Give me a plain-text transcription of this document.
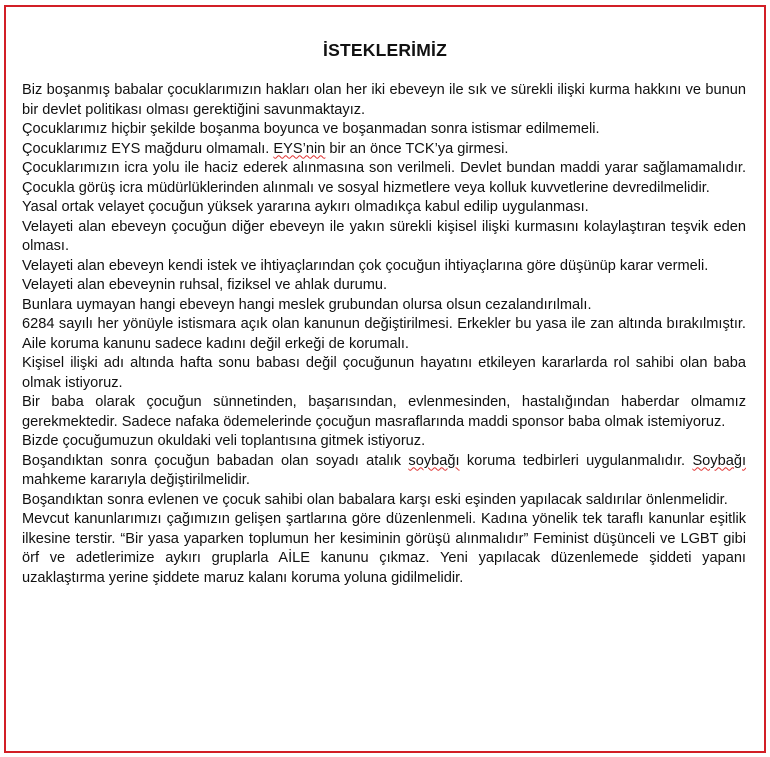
İSTEKLERİMİZ

Biz boşanmış babalar çocuklarımızın hakları olan her iki ebeveyn ile sık ve sürekli ilişki kurma hakkını ve bunun bir devlet politikası olması gerektiğini savunmaktayız.

Çocuklarımız hiçbir şekilde boşanma boyunca ve boşanmadan sonra istismar edilmemeli.

Çocuklarımız EYS mağduru olmamalı. EYS’nin bir an önce TCK’ya girmesi.

Çocuklarımızın icra yolu ile haciz ederek alınmasına son verilmeli. Devlet bundan maddi yarar sağlamamalıdır. Çocukla görüş icra müdürlüklerinden alınmalı ve sosyal hizmetlere veya kolluk kuvvetlerine devredilmelidir.

Yasal ortak velayet çocuğun yüksek yararına aykırı olmadıkça kabul edilip uygulanması.

Velayeti alan ebeveyn çocuğun diğer ebeveyn ile yakın sürekli kişisel ilişki kurmasını kolaylaştıran teşvik eden olması.

Velayeti alan ebeveyn kendi istek ve ihtiyaçlarından çok çocuğun ihtiyaçlarına göre düşünüp karar vermeli.

Velayeti alan ebeveynin ruhsal, fiziksel ve ahlak durumu.

Bunlara uymayan hangi ebeveyn hangi meslek grubundan olursa olsun cezalandırılmalı.

6284 sayılı her yönüyle istismara açık olan kanunun değiştirilmesi. Erkekler bu yasa ile zan altında bırakılmıştır. Aile koruma kanunu sadece kadını değil erkeği de korumalı.

Kişisel ilişki adı altında hafta sonu babası değil çocuğunun hayatını etkileyen kararlarda rol sahibi olan baba olmak istiyoruz.

Bir baba olarak çocuğun sünnetinden, başarısından, evlenmesinden, hastalığından haberdar olmamız gerekmektedir. Sadece nafaka ödemelerinde çocuğun masraflarında maddi sponsor baba olmak istemiyoruz.

Bizde çocuğumuzun okuldaki veli toplantısına gitmek istiyoruz.

Boşandıktan sonra çocuğun babadan olan soyadı atalık soybağı koruma tedbirleri uygulanmalıdır. Soybağı mahkeme kararıyla değiştirilmelidir.

Boşandıktan sonra evlenen ve çocuk sahibi olan babalara karşı eski eşinden yapılacak saldırılar önlenmelidir.

Mevcut kanunlarımızı çağımızın gelişen şartlarına göre düzenlenmeli. Kadına yönelik tek taraflı kanunlar eşitlik ilkesine terstir. “Bir yasa yaparken toplumun her kesiminin görüşü alınmalıdır” Feminist düşünceli ve LGBT gibi örf ve adetlerimize aykırı gruplarla AİLE kanunu çıkmaz. Yeni yapılacak düzenlemede şiddeti yapanı uzaklaştırma yerine şiddete maruz kalanı koruma yoluna gidilmelidir.
